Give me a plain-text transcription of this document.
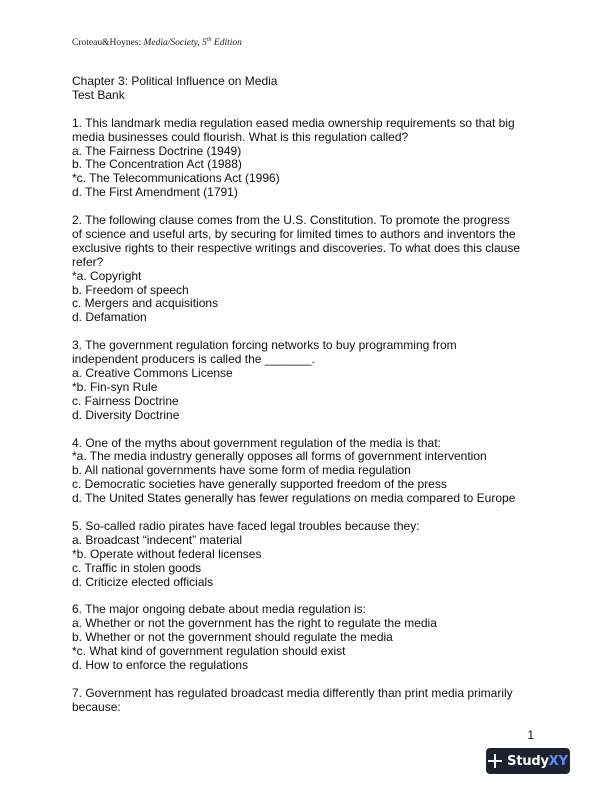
Croteau&Hoynes: Media/Society, 5th Edition

Chapter 3: Political Influence on Media

Test Bank

1. This landmark media regulation eased media ownership requirements so that big

media businesses could flourish. What is this regulation called?

a. The Fairness Doctrine (1949)

b. The Concentration Act (1988)

*c. The Telecommunications Act (1996)

d. The First Amendment (1791)

2. The following clause comes from the U.S. Constitution. To promote the progress

of science and useful arts, by securing for limited times to authors and inventors the

exclusive rights to their respective writings and discoveries. To what does this clause

refer?

*a. Copyright

b. Freedom of speech

c. Mergers and acquisitions

d. Defamation

3. The government regulation forcing networks to buy programming from

independent producers is called the _______.

a. Creative Commons License

*b. Fin-syn Rule

c. Fairness Doctrine

d. Diversity Doctrine

4. One of the myths about government regulation of the media is that:

*a. The media industry generally opposes all forms of government intervention

b. All national governments have some form of media regulation

c. Democratic societies have generally supported freedom of the press

d. The United States generally has fewer regulations on media compared to Europe

5. So-called radio pirates have faced legal troubles because they:

a. Broadcast “indecent” material

*b. Operate without federal licenses

c. Traffic in stolen goods

d. Criticize elected officials

6. The major ongoing debate about media regulation is:

a. Whether or not the government has the right to regulate the media

b. Whether or not the government should regulate the media

*c. What kind of government regulation should exist

d. How to enforce the regulations

7. Government has regulated broadcast media differently than print media primarily

because:

1
StudyXY
